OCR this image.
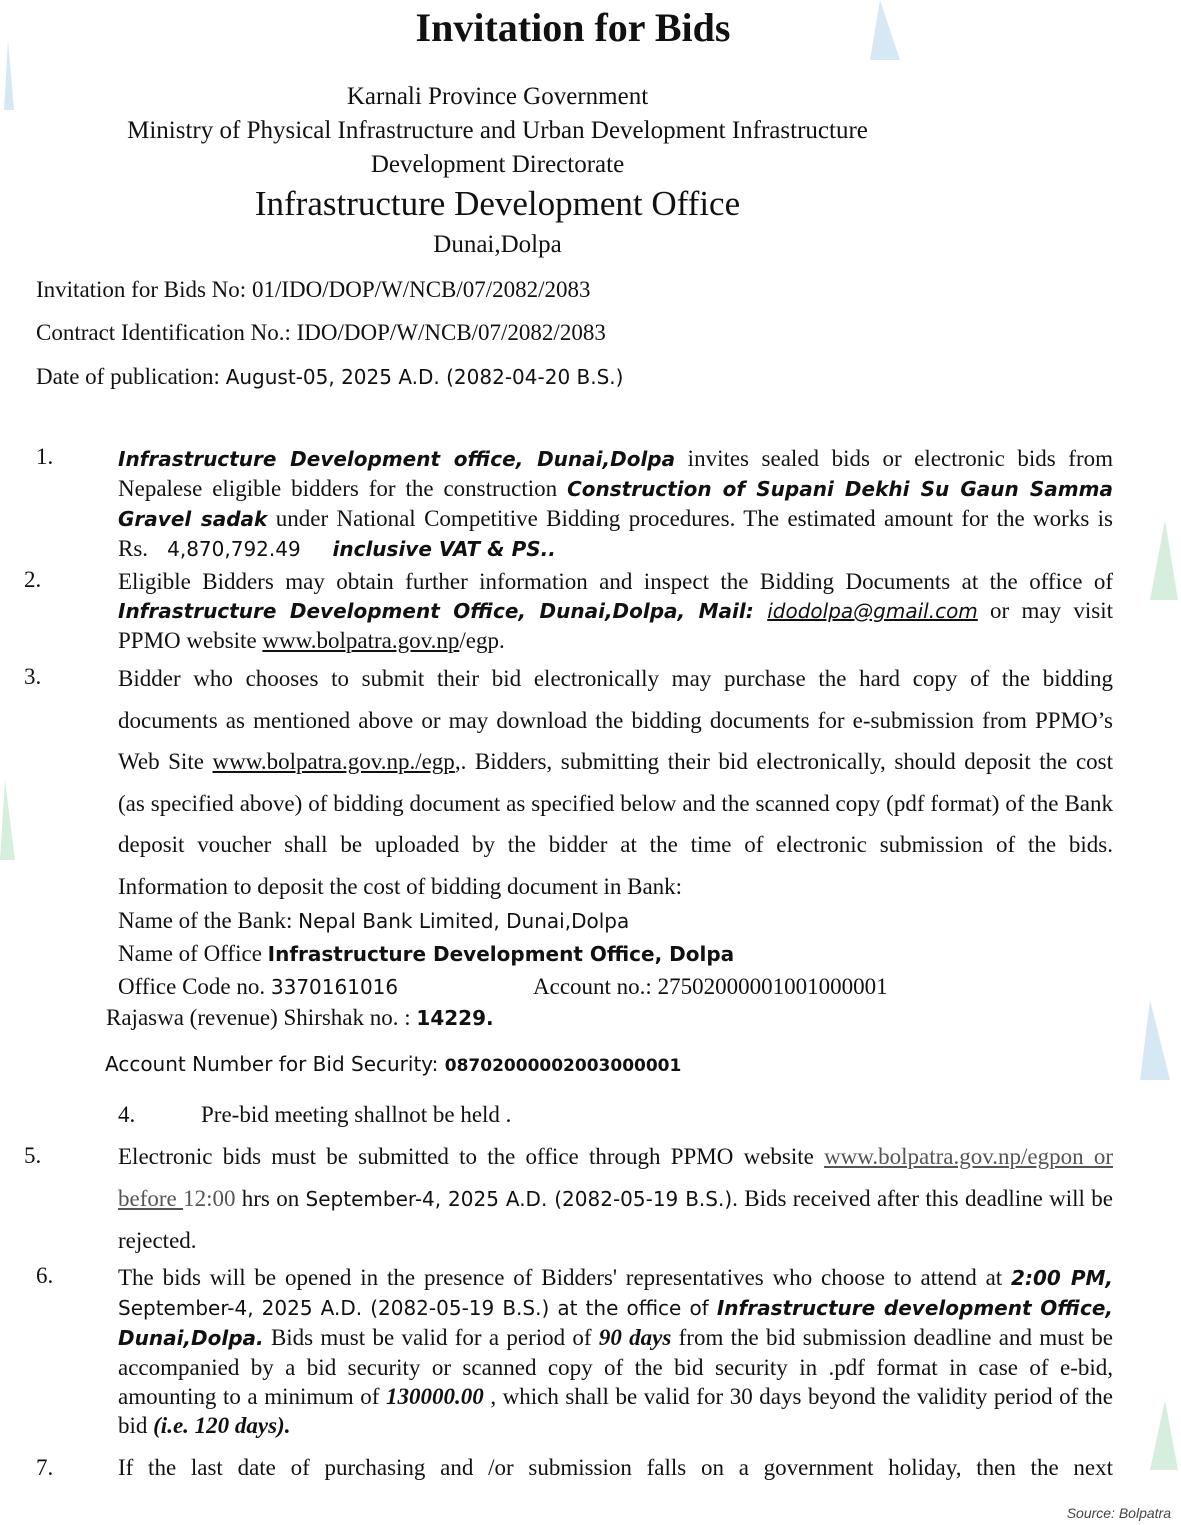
Invitation for Bids
Karnali Province Government
Ministry of Physical Infrastructure and Urban Development Infrastructure
Development Directorate
Infrastructure Development Office
Dunai,Dolpa
Invitation for Bids No: 01/IDO/DOP/W/NCB/07/2082/2083
Contract Identification No.: IDO/DOP/W/NCB/07/2082/2083
Date of publication: August-05, 2025 A.D. (2082-04-20 B.S.)
1.	Infrastructure Development office, Dunai,Dolpa invites sealed bids or electronic bids from Nepalese eligible bidders for the construction Construction of Supani Dekhi Su Gaun Samma Gravel sadak under National Competitive Bidding procedures. The estimated amount for the works is Rs.   4,870,792.49     inclusive VAT & PS..
2.	Eligible Bidders may obtain further information and inspect the Bidding Documents at the office of Infrastructure Development Office, Dunai,Dolpa, Mail: idodolpa@gmail.com or may visit PPMO website www.bolpatra.gov.np/egp.
3.	Bidder who chooses to submit their bid electronically may purchase the hard copy of the bidding documents as mentioned above or may download the bidding documents for e-submission from PPMO’s Web Site www.bolpatra.gov.np./egp,. Bidders, submitting their bid electronically, should deposit the cost (as specified above) of bidding document as specified below and the scanned copy (pdf format) of the Bank deposit voucher shall be uploaded by the bidder at the time of electronic submission of the bids. Information to deposit the cost of bidding document in Bank:
Name of the Bank: Nepal Bank Limited, Dunai,Dolpa
Name of Office Infrastructure Development Office, Dolpa
Office Code no. 3370161016	Account no.: 27502000001001000001
Rajaswa (revenue) Shirshak no. : 14229.
Account Number for Bid Security: 08702000002003000001
4.	Pre-bid meeting shallnot be held .
5.	Electronic bids must be submitted to the office through PPMO website www.bolpatra.gov.np/egpon or before 12:00 hrs on September-4, 2025 A.D. (2082-05-19 B.S.). Bids received after this deadline will be rejected.
6.	The bids will be opened in the presence of Bidders' representatives who choose to attend at 2:00 PM, September-4, 2025 A.D. (2082-05-19 B.S.) at the office of Infrastructure development Office, Dunai,Dolpa. Bids must be valid for a period of 90 days from the bid submission deadline and must be accompanied by a bid security or scanned copy of the bid security in .pdf format in case of e-bid, amounting to a minimum of 130000.00 , which shall be valid for 30 days beyond the validity period of the bid (i.e. 120 days).
7.	If the last date of purchasing and /or submission falls on a government holiday, then the next
Source: Bolpatra
